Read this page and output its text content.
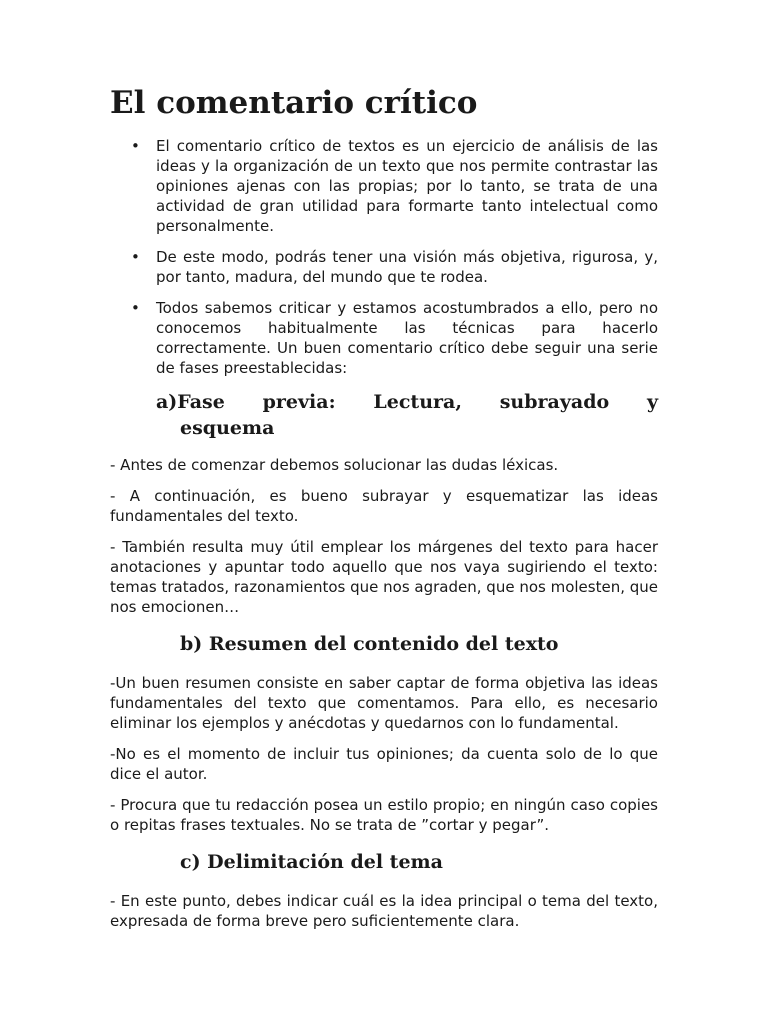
El comentario crítico
• El comentario crítico de textos es un ejercicio de análisis de las ideas y la organización de un texto que nos permite contrastar las opiniones ajenas con las propias; por lo tanto, se trata de una actividad de gran utilidad para formarte tanto intelectual como personalmente.
• De este modo, podrás tener una visión más objetiva, rigurosa, y, por tanto, madura, del mundo que te rodea.
• Todos sabemos criticar y estamos acostumbrados a ello, pero no conocemos habitualmente las técnicas para hacerlo correctamente. Un buen comentario crítico debe seguir una serie de fases preestablecidas:
a)Fase previa: Lectura, subrayado y
esquema

- Antes de comenzar debemos solucionar las dudas léxicas.

- A continuación, es bueno subrayar y esquematizar las ideas fundamentales del texto.

- También resulta muy útil emplear los márgenes del texto para hacer anotaciones y apuntar todo aquello que nos vaya sugiriendo el texto: temas tratados, razonamientos que nos agraden, que nos molesten, que nos emocionen…

b) Resumen del contenido del texto

-Un buen resumen consiste en saber captar de forma objetiva las ideas fundamentales del texto que comentamos. Para ello, es necesario eliminar los ejemplos y anécdotas y quedarnos con lo fundamental.

-No es el momento de incluir tus opiniones; da cuenta solo de lo que dice el autor.

- Procura que tu redacción posea un estilo propio; en ningún caso copies o repitas frases textuales. No se trata de ”cortar y pegar”.

c) Delimitación del tema

- En este punto, debes indicar cuál es la idea principal o tema del texto, expresada de forma breve pero suficientemente clara.
